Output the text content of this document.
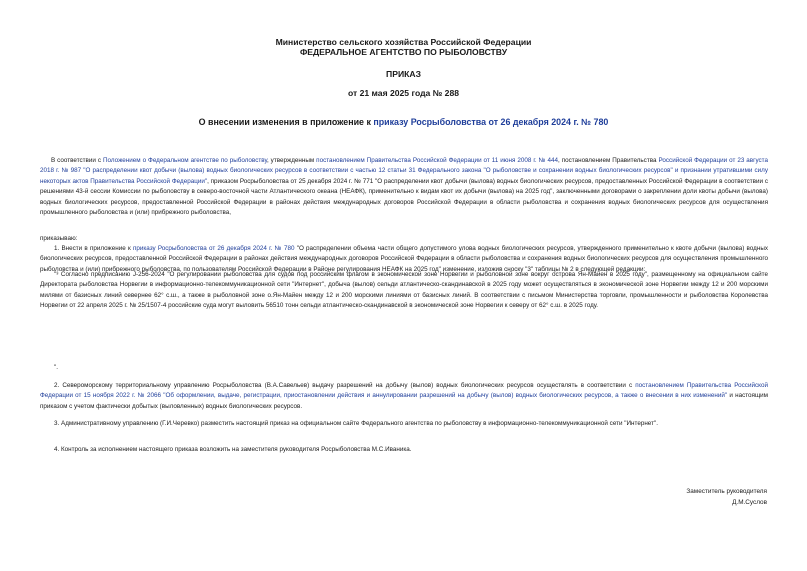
Министерство сельского хозяйства Российской Федерации
ФЕДЕРАЛЬНОЕ АГЕНТСТВО ПО РЫБОЛОВСТВУ
ПРИКАЗ
от 21 мая 2025 года № 288
О внесении изменения в приложение к приказу Росрыболовства от 26 декабря 2024 г. № 780

В соответствии с Положением о Федеральном агентстве по рыболовству, утвержденным постановлением Правительства Российской Федерации от 11 июня 2008 г. № 444, постановлением Правительства Российской Федерации от 23 августа 2018 г. № 987 "О распределении квот добычи (вылова) водных биологических ресурсов в соответствии с частью 12 статьи 31 Федерального закона "О рыболовстве и сохранении водных биологических ресурсов" и признании утратившими силу некоторых актов Правительства Российской Федерации", приказом Росрыболовства от 25 декабря 2024 г. № 771 "О распределении квот добычи (вылова) водных биологических ресурсов, предоставленных Российской Федерации в соответствии с решениями 43-й сессии Комиссии по рыболовству в северо-восточной части Атлантического океана (НЕАФК), применительно к видам квот их добычи (вылова) на 2025 год", заключенными договорами о закреплении доли квоты добычи (вылова) водных биологических ресурсов, предоставленной Российской Федерации в районах действия международных договоров Российской Федерации в области рыболовства и сохранения водных биологических ресурсов для осуществления промышленного рыболовства и (или) прибрежного рыболовства,

приказываю:

1. Внести в приложение к приказу Росрыболовства от 26 декабря 2024 г. № 780 "О распределении объема части общего допустимого улова водных биологических ресурсов, утвержденного применительно к квоте добычи (вылова) водных биологических ресурсов, предоставленной Российской Федерации в районах действия международных договоров Российской Федерации в области рыболовства и сохранения водных биологических ресурсов для осуществления промышленного рыболовства и (или) прибрежного рыболовства, по пользователям Российской Федерации в Районе регулирования НЕАФК на 2025 год" изменение, изложив сноску "3" таблицы № 2 в следующей редакции:

"³ Согласно предписанию J-256-2024 "О регулировании рыболовства для судов под российским флагом в экономической зоне Норвегии и рыболовной зоне вокруг острова Ян-Майен в 2025 году", размещенному на официальном сайте Директората рыболовства Норвегии в информационно-телекоммуникационной сети "Интернет", добыча (вылов) сельди атлантическо-скандинавской в 2025 году может осуществляться в экономической зоне Норвегии между 12 и 200 морскими милями от базисных линий севернее 62° с.ш., а также в рыболовной зоне о.Ян-Майен между 12 и 200 морскими линиями от базисных линий. В соответствии с письмом Министерства торговли, промышленности и рыболовства Королевства Норвегии от 22 апреля 2025 г. № 25/1507-4 российские суда могут выловить 56510 тонн сельди атлантическо-скандинавской в экономической зоне Норвегии к северу от 62° с.ш. в 2025 году.

".

2. Североморскому территориальному управлению Росрыболовства (В.А.Савельев) выдачу разрешений на добычу (вылов) водных биологических ресурсов осуществлять в соответствии с постановлением Правительства Российской Федерации от 15 ноября 2022 г. № 2066 "Об оформлении, выдаче, регистрации, приостановлении действия и аннулировании разрешений на добычу (вылов) водных биологических ресурсов, а также о внесении в них изменений" и настоящим приказом с учетом фактически добытых (выловленных) водных биологических ресурсов.

3. Административному управлению (Г.И.Черевко) разместить настоящий приказ на официальном сайте Федерального агентства по рыболовству в информационно-телекоммуникационной сети "Интернет".

4. Контроль за исполнением настоящего приказа возложить на заместителя руководителя Росрыболовства М.С.Иваника.

Заместитель руководителя
Д.М.Суслов
